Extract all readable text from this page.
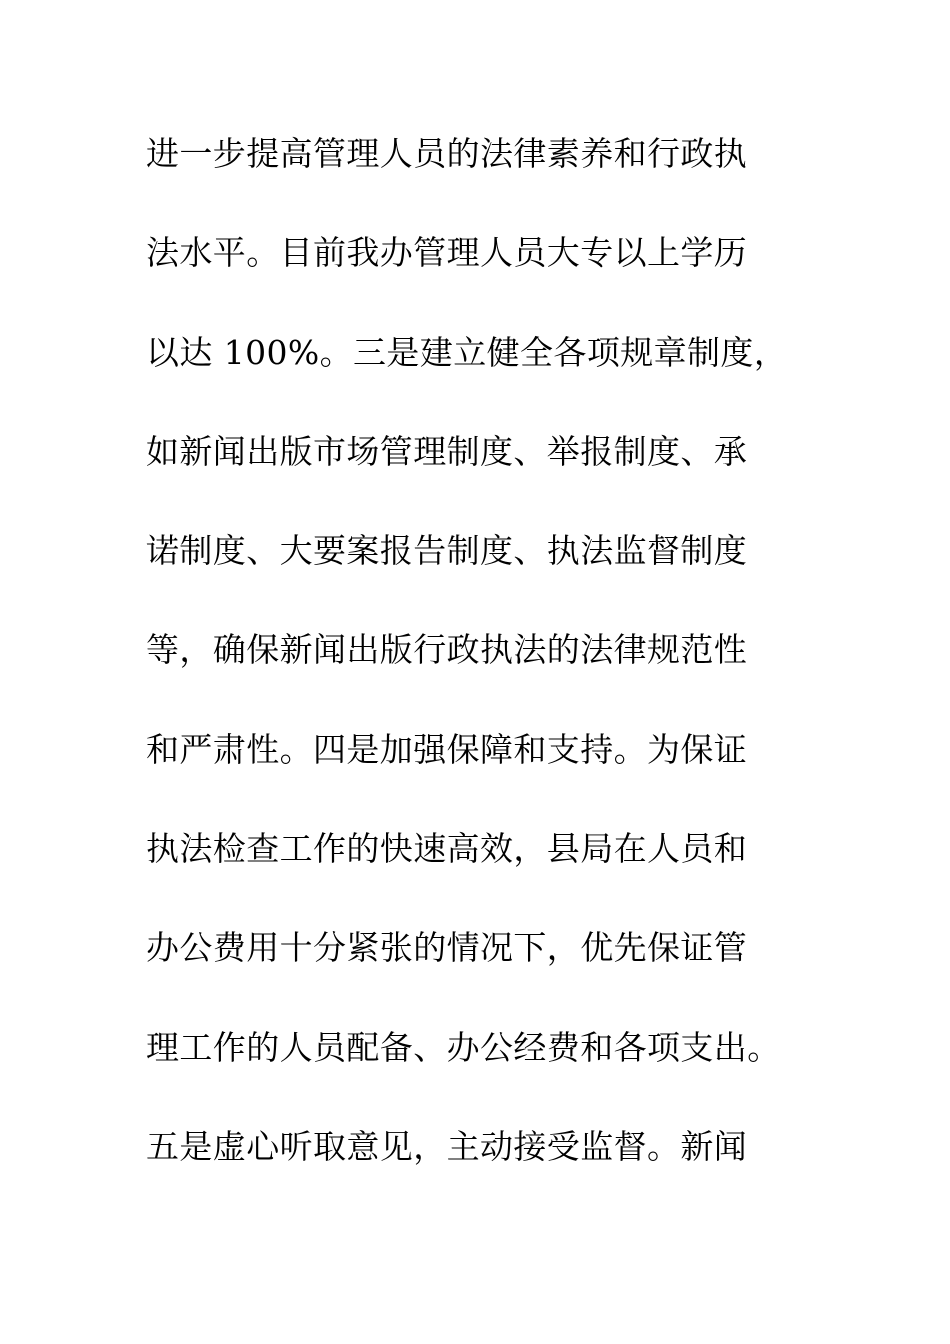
进一步提高管理人员的法律素养和行政执
法水平。目前我办管理人员大专以上学历
以达 100%。三是建立健全各项规章制度，
如新闻出版市场管理制度、举报制度、承
诺制度、大要案报告制度、执法监督制度
等，确保新闻出版行政执法的法律规范性
和严肃性。四是加强保障和支持。为保证
执法检查工作的快速高效，县局在人员和
办公费用十分紧张的情况下，优先保证管
理工作的人员配备、办公经费和各项支出。
五是虚心听取意见，主动接受监督。新闻
